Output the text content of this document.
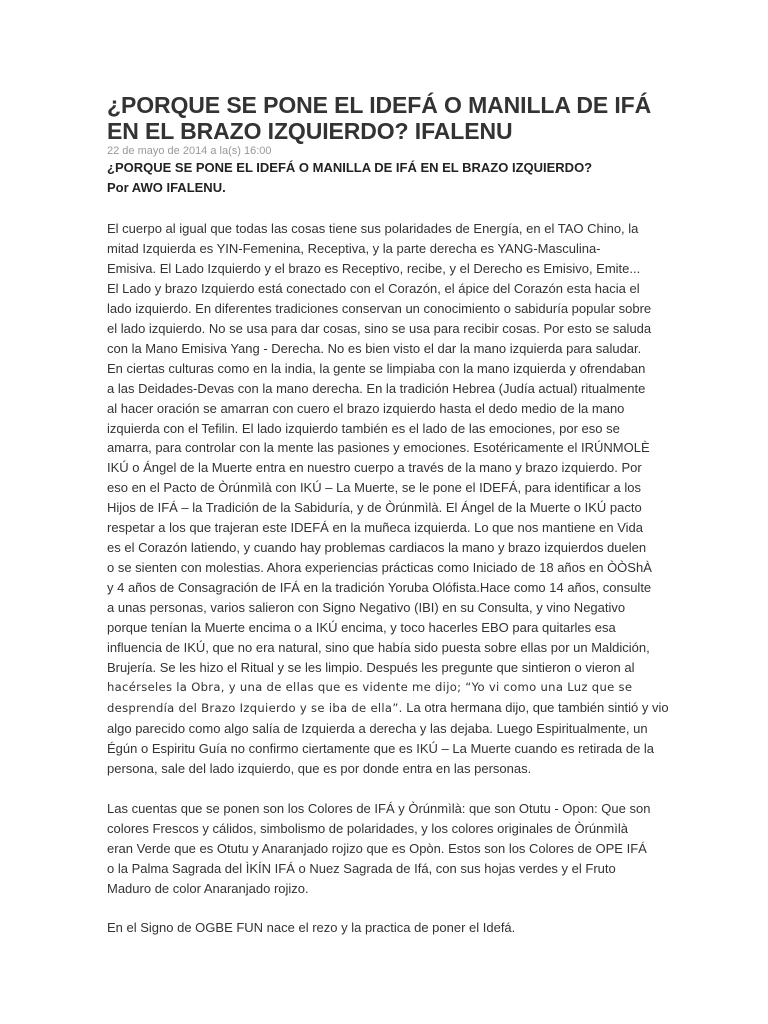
¿PORQUE SE PONE EL IDEFÁ O MANILLA DE IFÁ
EN EL BRAZO IZQUIERDO? IFALENU
22 de mayo de 2014 a la(s) 16:00
¿PORQUE SE PONE EL IDEFÁ O MANILLA DE IFÁ EN EL BRAZO IZQUIERDO?
Por AWO IFALENU.
El cuerpo al igual que todas las cosas tiene sus polaridades de Energía, en el TAO Chino, la
mitad Izquierda es YIN-Femenina, Receptiva, y la parte derecha es YANG-Masculina-
Emisiva. El Lado Izquierdo y el brazo es Receptivo, recibe, y el Derecho es Emisivo, Emite...
El Lado y brazo Izquierdo está conectado con el Corazón, el ápice del Corazón esta hacia el
lado izquierdo. En diferentes tradiciones conservan un conocimiento o sabiduría popular sobre
el lado izquierdo. No se usa para dar cosas, sino se usa para recibir cosas. Por esto se saluda
con la Mano Emisiva Yang - Derecha. No es bien visto el dar la mano izquierda para saludar.
En ciertas culturas como en la india, la gente se limpiaba con la mano izquierda y ofrendaban
a las Deidades-Devas con la mano derecha. En la tradición Hebrea (Judía actual) ritualmente
al hacer oración se amarran con cuero el brazo izquierdo hasta el dedo medio de la mano
izquierda con el Tefilin. El lado izquierdo también es el lado de las emociones, por eso se
amarra, para controlar con la mente las pasiones y emociones. Esotéricamente el IRÚNMOLÈ
IKÚ o Ángel de la Muerte entra en nuestro cuerpo a través de la mano y brazo izquierdo. Por
eso en el Pacto de Òrúnmìlà con IKÚ – La Muerte, se le pone el IDEFÁ, para identificar a los
Hijos de IFÁ – la Tradición de la Sabiduría, y de Òrúnmìlà. El Ángel de la Muerte o IKÚ pacto
respetar a los que trajeran este IDEFÁ en la muñeca izquierda. Lo que nos mantiene en Vida
es el Corazón latiendo, y cuando hay problemas cardiacos la mano y brazo izquierdos duelen
o se sienten con molestias. Ahora experiencias prácticas como Iniciado de 18 años en ÒÒShÀ
y 4 años de Consagración de IFÁ en la tradición Yoruba Olófista.Hace como 14 años, consulte
a unas personas, varios salieron con Signo Negativo (IBI) en su Consulta, y vino Negativo
porque tenían la Muerte encima o a IKÚ encima, y toco hacerles EBO para quitarles esa
influencia de IKÚ, que no era natural, sino que había sido puesta sobre ellas por un Maldición,
Brujería. Se les hizo el Ritual y se les limpio. Después les pregunte que sintieron o vieron al
hacérseles la Obra, y una de ellas que es vidente me dijo; “Yo vi como una Luz que se
desprendía del Brazo Izquierdo y se iba de ella”. La otra hermana dijo, que también sintió y vio
algo parecido como algo salía de Izquierda a derecha y las dejaba. Luego Espiritualmente, un
Égún o Espiritu Guía no confirmo ciertamente que es IKÚ – La Muerte cuando es retirada de la
persona, sale del lado izquierdo, que es por donde entra en las personas.
Las cuentas que se ponen son los Colores de IFÁ y Òrúnmìlà: que son Otutu - Opon: Que son
colores Frescos y cálidos, simbolismo de polaridades, y los colores originales de Òrúnmìlà
eran Verde que es Otutu y Anaranjado rojizo que es Opòn. Estos son los Colores de OPE IFÁ
o la Palma Sagrada del ÌKÍN IFÁ o Nuez Sagrada de Ifá, con sus hojas verdes y el Fruto
Maduro de color Anaranjado rojizo.
En el Signo de OGBE FUN nace el rezo y la practica de poner el Idefá.
